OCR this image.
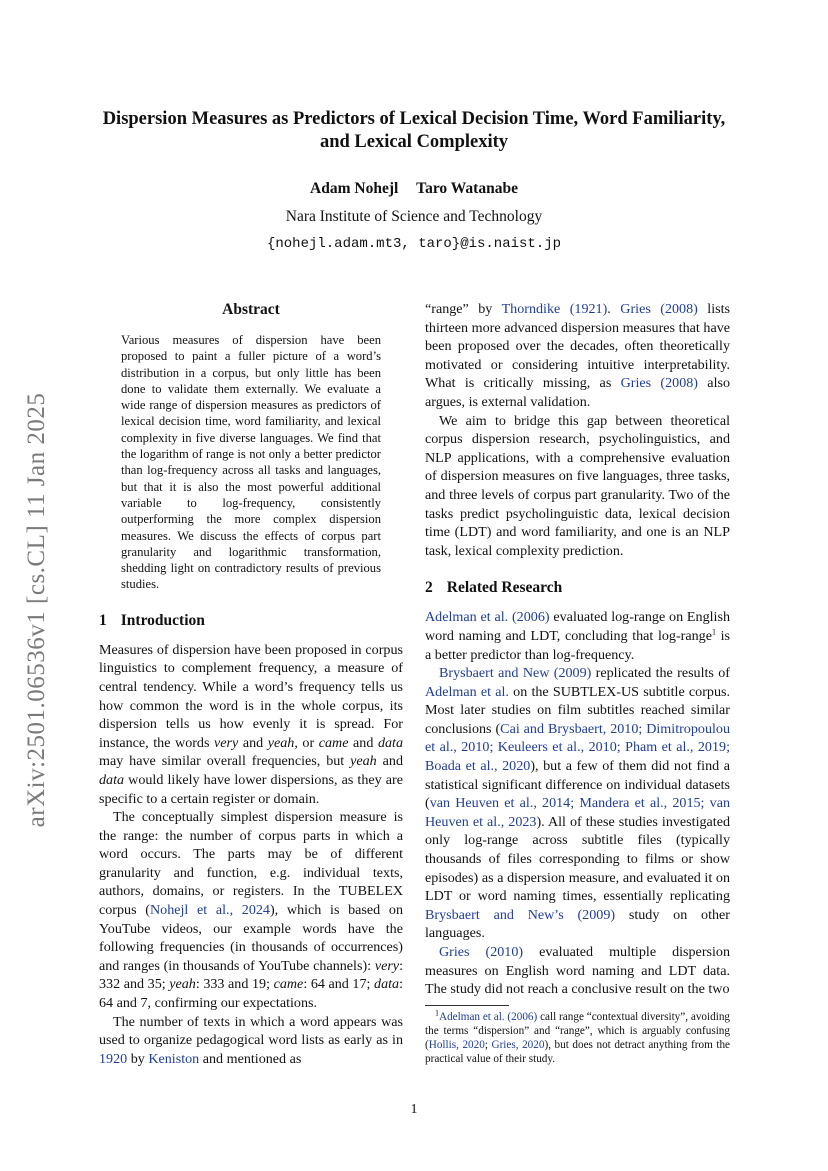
arXiv:2501.06536v1 [cs.CL] 11 Jan 2025
Dispersion Measures as Predictors of Lexical Decision Time, Word Familiarity, and Lexical Complexity
Adam Nohejl Taro Watanabe
Nara Institute of Science and Technology
{nohejl.adam.mt3, taro}@is.naist.jp
Abstract

Various measures of dispersion have been proposed to paint a fuller picture of a word’s distribution in a corpus, but only little has been done to validate them externally. We evaluate a wide range of dispersion measures as predictors of lexical decision time, word familiarity, and lexical complexity in five diverse languages. We find that the logarithm of range is not only a better predictor than log-frequency across all tasks and languages, but that it is also the most powerful additional variable to log-frequency, consistently outperforming the more complex dispersion measures. We discuss the effects of corpus part granularity and logarithmic transformation, shedding light on contradictory results of previous studies.

1 Introduction

Measures of dispersion have been proposed in corpus linguistics to complement frequency, a measure of central tendency. While a word’s frequency tells us how common the word is in the whole corpus, its dispersion tells us how evenly it is spread. For instance, the words very and yeah, or came and data may have similar overall frequencies, but yeah and data would likely have lower dispersions, as they are specific to a certain register or domain.

The conceptually simplest dispersion measure is the range: the number of corpus parts in which a word occurs. The parts may be of different granularity and function, e.g. individual texts, authors, domains, or registers. In the TUBELEX corpus (Nohejl et al., 2024), which is based on YouTube videos, our example words have the following frequencies (in thousands of occurrences) and ranges (in thousands of YouTube channels): very: 332 and 35; yeah: 333 and 19; came: 64 and 17; data: 64 and 7, confirming our expectations.

The number of texts in which a word appears was used to organize pedagogical word lists as early as in 1920 by Keniston and mentioned as

“range” by Thorndike (1921). Gries (2008) lists thirteen more advanced dispersion measures that have been proposed over the decades, often theoretically motivated or considering intuitive interpretability. What is critically missing, as Gries (2008) also argues, is external validation.

We aim to bridge this gap between theoretical corpus dispersion research, psycholinguistics, and NLP applications, with a comprehensive evaluation of dispersion measures on five languages, three tasks, and three levels of corpus part granularity. Two of the tasks predict psycholinguistic data, lexical decision time (LDT) and word familiarity, and one is an NLP task, lexical complexity prediction.

2 Related Research

Adelman et al. (2006) evaluated log-range on English word naming and LDT, concluding that log-range$^1$ is a better predictor than log-frequency.

Brysbaert and New (2009) replicated the results of Adelman et al. on the SUBTLEX-US subtitle corpus. Most later studies on film subtitles reached similar conclusions (Cai and Brysbaert, 2010; Dimitropoulou et al., 2010; Keuleers et al., 2010; Pham et al., 2019; Boada et al., 2020), but a few of them did not find a statistical significant difference on individual datasets (van Heuven et al., 2014; Mandera et al., 2015; van Heuven et al., 2023). All of these studies investigated only log-range across subtitle files (typically thousands of files corresponding to films or show episodes) as a dispersion measure, and evaluated it on LDT or word naming times, essentially replicating Brysbaert and New’s (2009) study on other languages.

Gries (2010) evaluated multiple dispersion measures on English word naming and LDT data. The study did not reach a conclusive result on the two

$^1$Adelman et al. (2006) call range “contextual diversity”, avoiding the terms “dispersion” and “range”, which is arguably confusing (Hollis, 2020; Gries, 2020), but does not detract anything from the practical value of their study.

1
